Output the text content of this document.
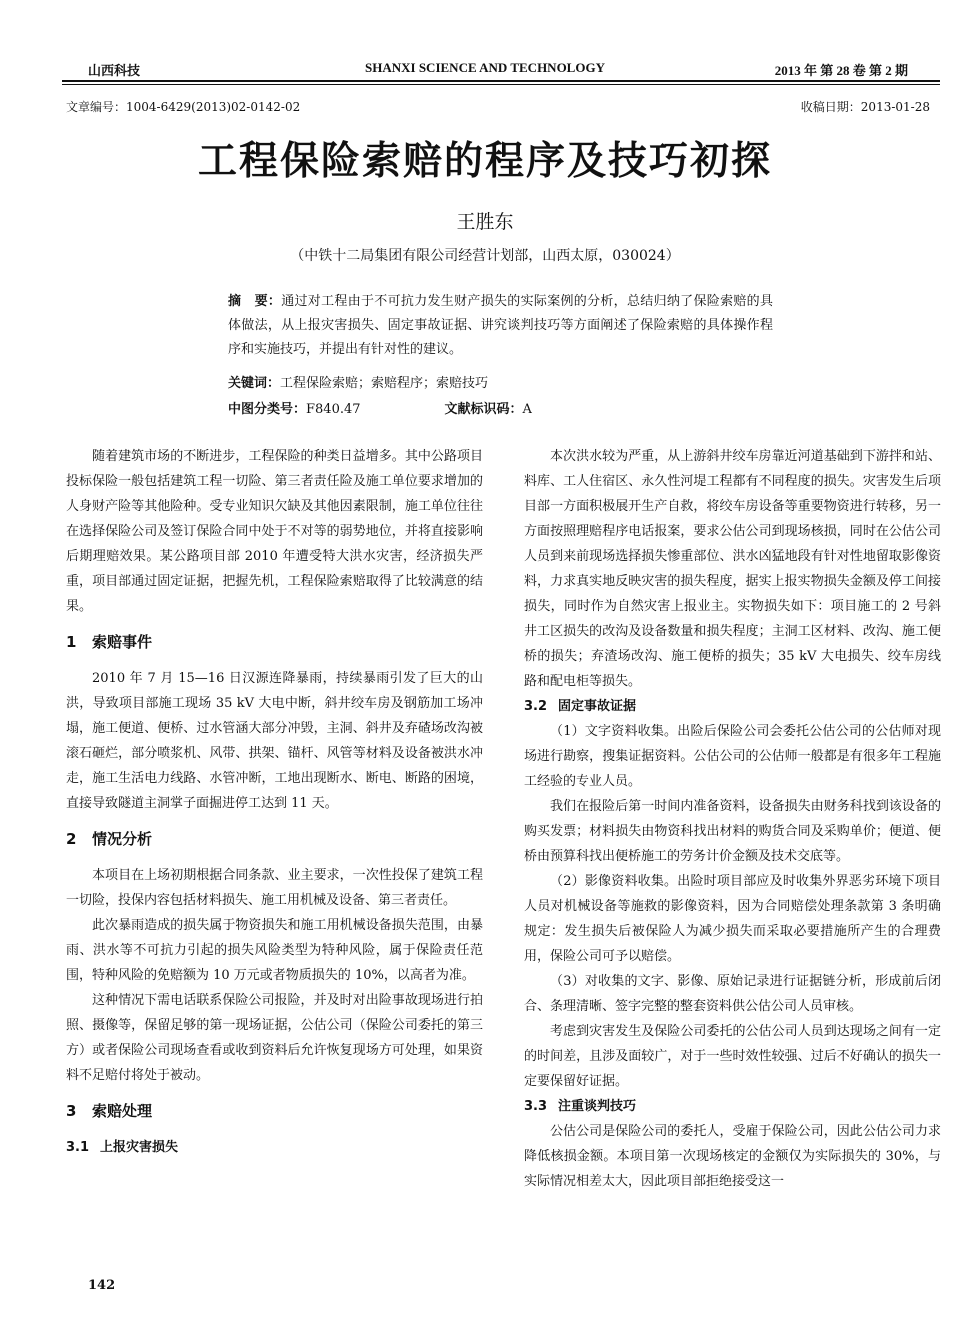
山西科技	SHANXI SCIENCE AND TECHNOLOGY	2013 年 第 28 卷 第 2 期
文章编号：1004-6429(2013)02-0142-02	收稿日期：2013-01-28
工程保险索赔的程序及技巧初探
王胜东
（中铁十二局集团有限公司经营计划部，山西太原，030024）
摘　要：通过对工程由于不可抗力发生财产损失的实际案例的分析，总结归纳了保险索赔的具体做法，从上报灾害损失、固定事故证据、讲究谈判技巧等方面阐述了保险索赔的具体操作程序和实施技巧，并提出有针对性的建议。
关键词：工程保险索赔；索赔程序；索赔技巧
中图分类号：F840.47	文献标识码：A

随着建筑市场的不断进步，工程保险的种类日益增多。其中公路项目投标保险一般包括建筑工程一切险、第三者责任险及施工单位要求增加的人身财产险等其他险种。受专业知识欠缺及其他因素限制，施工单位往往在选择保险公司及签订保险合同中处于不对等的弱势地位，并将直接影响后期理赔效果。某公路项目部 2010 年遭受特大洪水灾害，经济损失严重，项目部通过固定证据，把握先机，工程保险索赔取得了比较满意的结果。

1 索赔事件

2010 年 7 月 15—16 日汉源连降暴雨，持续暴雨引发了巨大的山洪，导致项目部施工现场 35 kV 大电中断，斜井绞车房及钢筋加工场冲塌，施工便道、便桥、过水管涵大部分冲毁，主洞、斜井及弃碴场改沟被滚石砸烂，部分喷浆机、风带、拱架、锚杆、风管等材料及设备被洪水冲走，施工生活电力线路、水管冲断，工地出现断水、断电、断路的困境，直接导致隧道主洞掌子面掘进停工达到 11 天。

2 情况分析

本项目在上场初期根据合同条款、业主要求，一次性投保了建筑工程一切险，投保内容包括材料损失、施工用机械及设备、第三者责任。

此次暴雨造成的损失属于物资损失和施工用机械设备损失范围，由暴雨、洪水等不可抗力引起的损失风险类型为特种风险，属于保险责任范围，特种风险的免赔额为 10 万元或者物质损失的 10%，以高者为准。

这种情况下需电话联系保险公司报险，并及时对出险事故现场进行拍照、摄像等，保留足够的第一现场证据，公估公司（保险公司委托的第三方）或者保险公司现场查看或收到资料后允许恢复现场方可处理，如果资料不足赔付将处于被动。

3 索赔处理
3.1 上报灾害损失

本次洪水较为严重，从上游斜井绞车房靠近河道基础到下游拌和站、料库、工人住宿区、永久性河堤工程都有不同程度的损失。灾害发生后项目部一方面积极展开生产自救，将绞车房设备等重要物资进行转移，另一方面按照理赔程序电话报案，要求公估公司到现场核损，同时在公估公司人员到来前现场选择损失惨重部位、洪水凶猛地段有针对性地留取影像资料，力求真实地反映灾害的损失程度，据实上报实物损失金额及停工间接损失，同时作为自然灾害上报业主。实物损失如下：项目施工的 2 号斜井工区损失的改沟及设备数量和损失程度；主洞工区材料、改沟、施工便桥的损失；弃渣场改沟、施工便桥的损失；35 kV 大电损失、绞车房线路和配电柜等损失。

3.2 固定事故证据

（1）文字资料收集。出险后保险公司会委托公估公司的公估师对现场进行勘察，搜集证据资料。公估公司的公估师一般都是有很多年工程施工经验的专业人员。

我们在报险后第一时间内准备资料，设备损失由财务科找到该设备的购买发票；材料损失由物资科找出材料的购货合同及采购单价；便道、便桥由预算科找出便桥施工的劳务计价金额及技术交底等。

（2）影像资料收集。出险时项目部应及时收集外界恶劣环境下项目人员对机械设备等施救的影像资料，因为合同赔偿处理条款第 3 条明确规定：发生损失后被保险人为减少损失而采取必要措施所产生的合理费用，保险公司可予以赔偿。

（3）对收集的文字、影像、原始记录进行证据链分析，形成前后闭合、条理清晰、签字完整的整套资料供公估公司人员审核。

考虑到灾害发生及保险公司委托的公估公司人员到达现场之间有一定的时间差，且涉及面较广，对于一些时效性较强、过后不好确认的损失一定要保留好证据。

3.3 注重谈判技巧

公估公司是保险公司的委托人，受雇于保险公司，因此公估公司力求降低核损金额。本项目第一次现场核定的金额仅为实际损失的 30%，与实际情况相差太大，因此项目部拒绝接受这一

142
